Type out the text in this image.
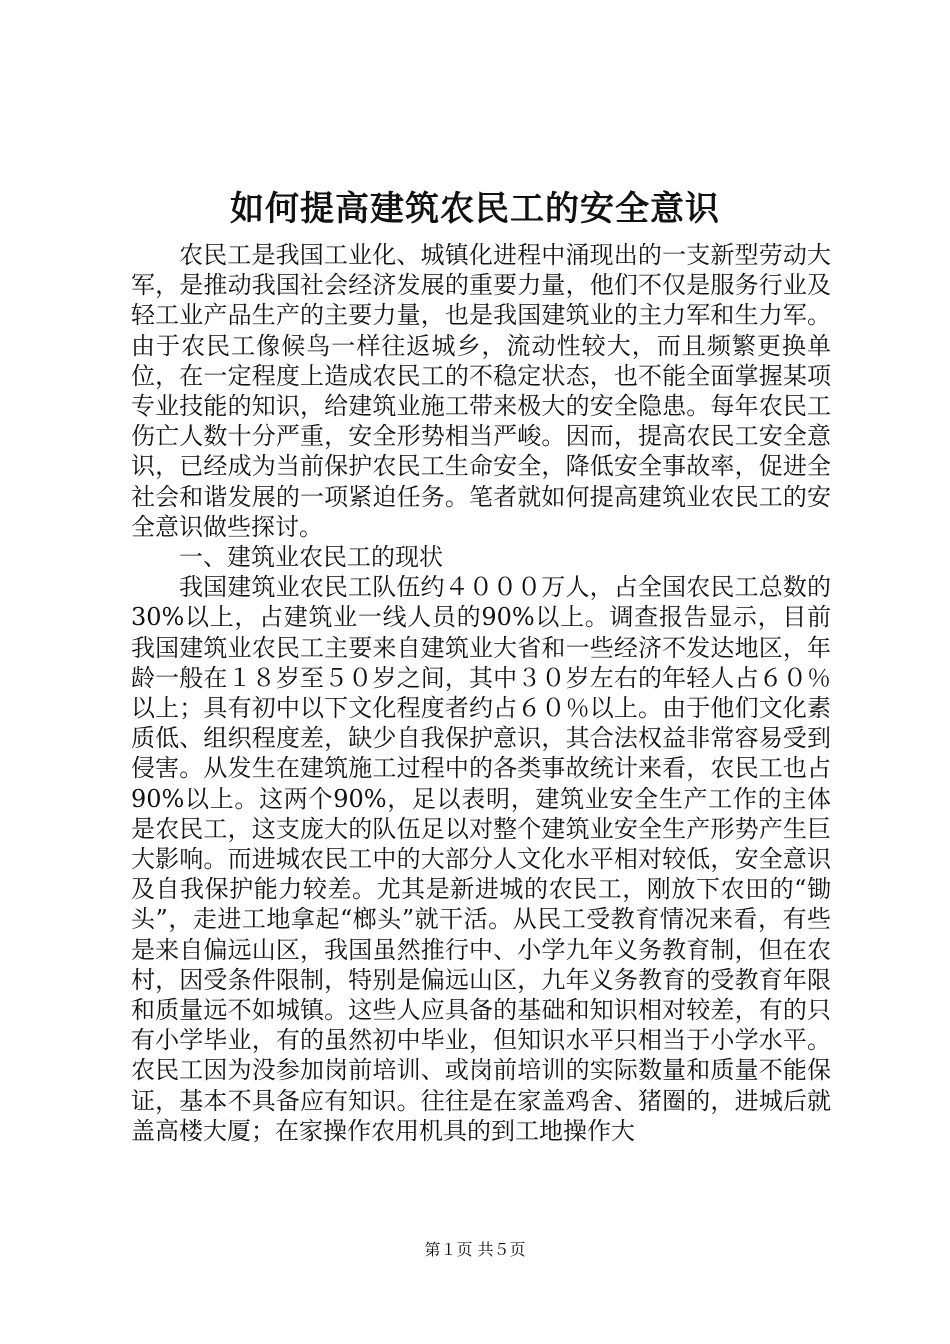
如何提高建筑农民工的安全意识

农民工是我国工业化、城镇化进程中涌现出的一支新型劳动大军，是推动我国社会经济发展的重要力量，他们不仅是服务行业及轻工业产品生产的主要力量，也是我国建筑业的主力军和生力军。由于农民工像候鸟一样往返城乡，流动性较大，而且频繁更换单位，在一定程度上造成农民工的不稳定状态，也不能全面掌握某项专业技能的知识，给建筑业施工带来极大的安全隐患。每年农民工伤亡人数十分严重，安全形势相当严峻。因而，提高农民工安全意识，已经成为当前保护农民工生命安全，降低安全事故率，促进全社会和谐发展的一项紧迫任务。笔者就如何提高建筑业农民工的安全意识做些探讨。

一、建筑业农民工的现状

我国建筑业农民工队伍约４０００万人，占全国农民工总数的30%以上，占建筑业一线人员的90%以上。调查报告显示，目前我国建筑业农民工主要来自建筑业大省和一些经济不发达地区，年龄一般在１８岁至５０岁之间，其中３０岁左右的年轻人占６０％以上；具有初中以下文化程度者约占６０％以上。由于他们文化素质低、组织程度差，缺少自我保护意识，其合法权益非常容易受到侵害。从发生在建筑施工过程中的各类事故统计来看，农民工也占90%以上。这两个90%，足以表明，建筑业安全生产工作的主体是农民工，这支庞大的队伍足以对整个建筑业安全生产形势产生巨大影响。而进城农民工中的大部分人文化水平相对较低，安全意识及自我保护能力较差。尤其是新进城的农民工，刚放下农田的“锄头”，走进工地拿起“榔头”就干活。从民工受教育情况来看，有些是来自偏远山区，我国虽然推行中、小学九年义务教育制，但在农村，因受条件限制，特别是偏远山区，九年义务教育的受教育年限和质量远不如城镇。这些人应具备的基础和知识相对较差，有的只有小学毕业，有的虽然初中毕业，但知识水平只相当于小学水平。农民工因为没参加岗前培训、或岗前培训的实际数量和质量不能保证，基本不具备应有知识。往往是在家盖鸡舍、猪圈的，进城后就盖高楼大厦；在家操作农用机具的到工地操作大

第１页 共５页
